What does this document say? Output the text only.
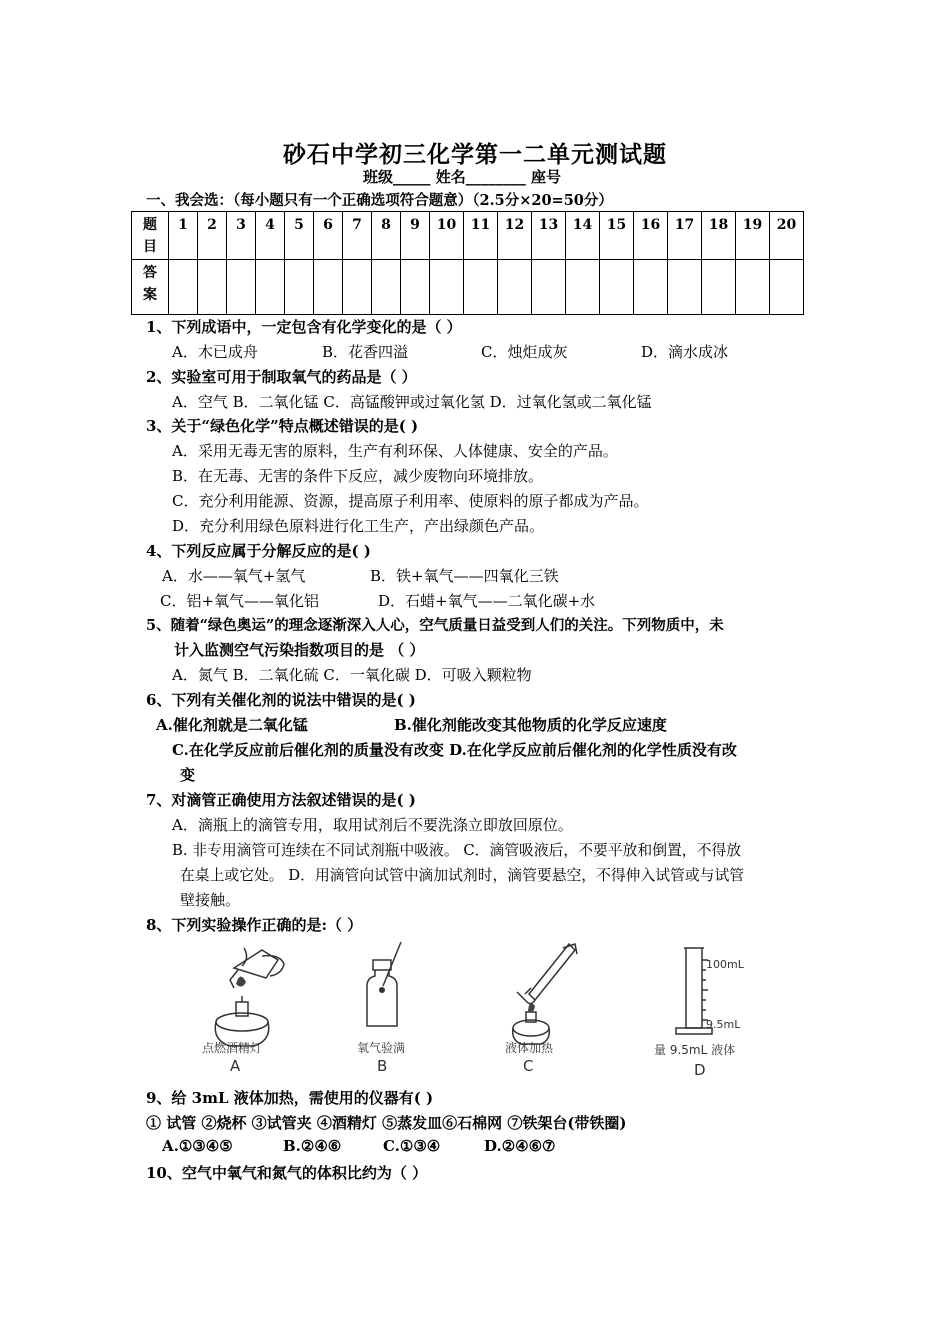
砂石中学初三化学第一二单元测试题
班级_____ 姓名________ 座号
一、我会选：（每小题只有一个正确选项符合题意）（2.5分×20=50分）
题
目	1	2	3	4	5	6	7	8	9	10	11	12	13	14	15	16	17	18	19	20
答
案																				
1、下列成语中，一定包含有化学变化的是（ ）
A．木已成舟	B．花香四溢	C．烛炬成灰	D．滴水成冰
2、实验室可用于制取氧气的药品是（ ）
A．空气 B．二氧化锰 C．高锰酸钾或过氧化氢 D．过氧化氢或二氧化锰
3、关于“绿色化学”特点概述错误的是( )
A．采用无毒无害的原料，生产有利环保、人体健康、安全的产品。
B．在无毒、无害的条件下反应，减少废物向环境排放。
C．充分利用能源、资源，提高原子利用率、使原料的原子都成为产品。
D．充分利用绿色原料进行化工生产，产出绿颜色产品。
4、下列反应属于分解反应的是( )
A．水——氧气+氢气	B．铁+氧气——四氧化三铁
C．铝+氧气——氧化铝	D．石蜡+氧气——二氧化碳+水
5、随着“绿色奥运”的理念逐渐深入人心，空气质量日益受到人们的关注。下列物质中，未
计入监测空气污染指数项目的是 （ ）
A．氮气 B．二氧化硫 C．一氧化碳 D．可吸入颗粒物
6、下列有关催化剂的说法中错误的是( )
A.催化剂就是二氧化锰	B.催化剂能改变其他物质的化学反应速度
C.在化学反应前后催化剂的质量没有改变 D.在化学反应前后催化剂的化学性质没有改
变
7、对滴管正确使用方法叙述错误的是( )
A．滴瓶上的滴管专用，取用试剂后不要洗涤立即放回原位。
B. 非专用滴管可连续在不同试剂瓶中吸液。 C．滴管吸液后，不要平放和倒置，不得放
在桌上或它处。 D．用滴管向试管中滴加试剂时，滴管要悬空，不得伸入试管或与试管
壁接触。
8、下列实验操作正确的是:（ ）
点燃酒精灯
A
氧气验满
B
液体加热
C
100mL
9.5mL
量 9.5mL 液体
D
9、给 3mL 液体加热，需使用的仪器有( )
① 试管 ②烧杯 ③试管夹 ④酒精灯 ⑤蒸发皿⑥石棉网 ⑦铁架台(带铁圈)
A.①③④⑤	B.②④⑥	C.①③④	D.②④⑥⑦
10、空气中氧气和氮气的体积比约为（ ）
